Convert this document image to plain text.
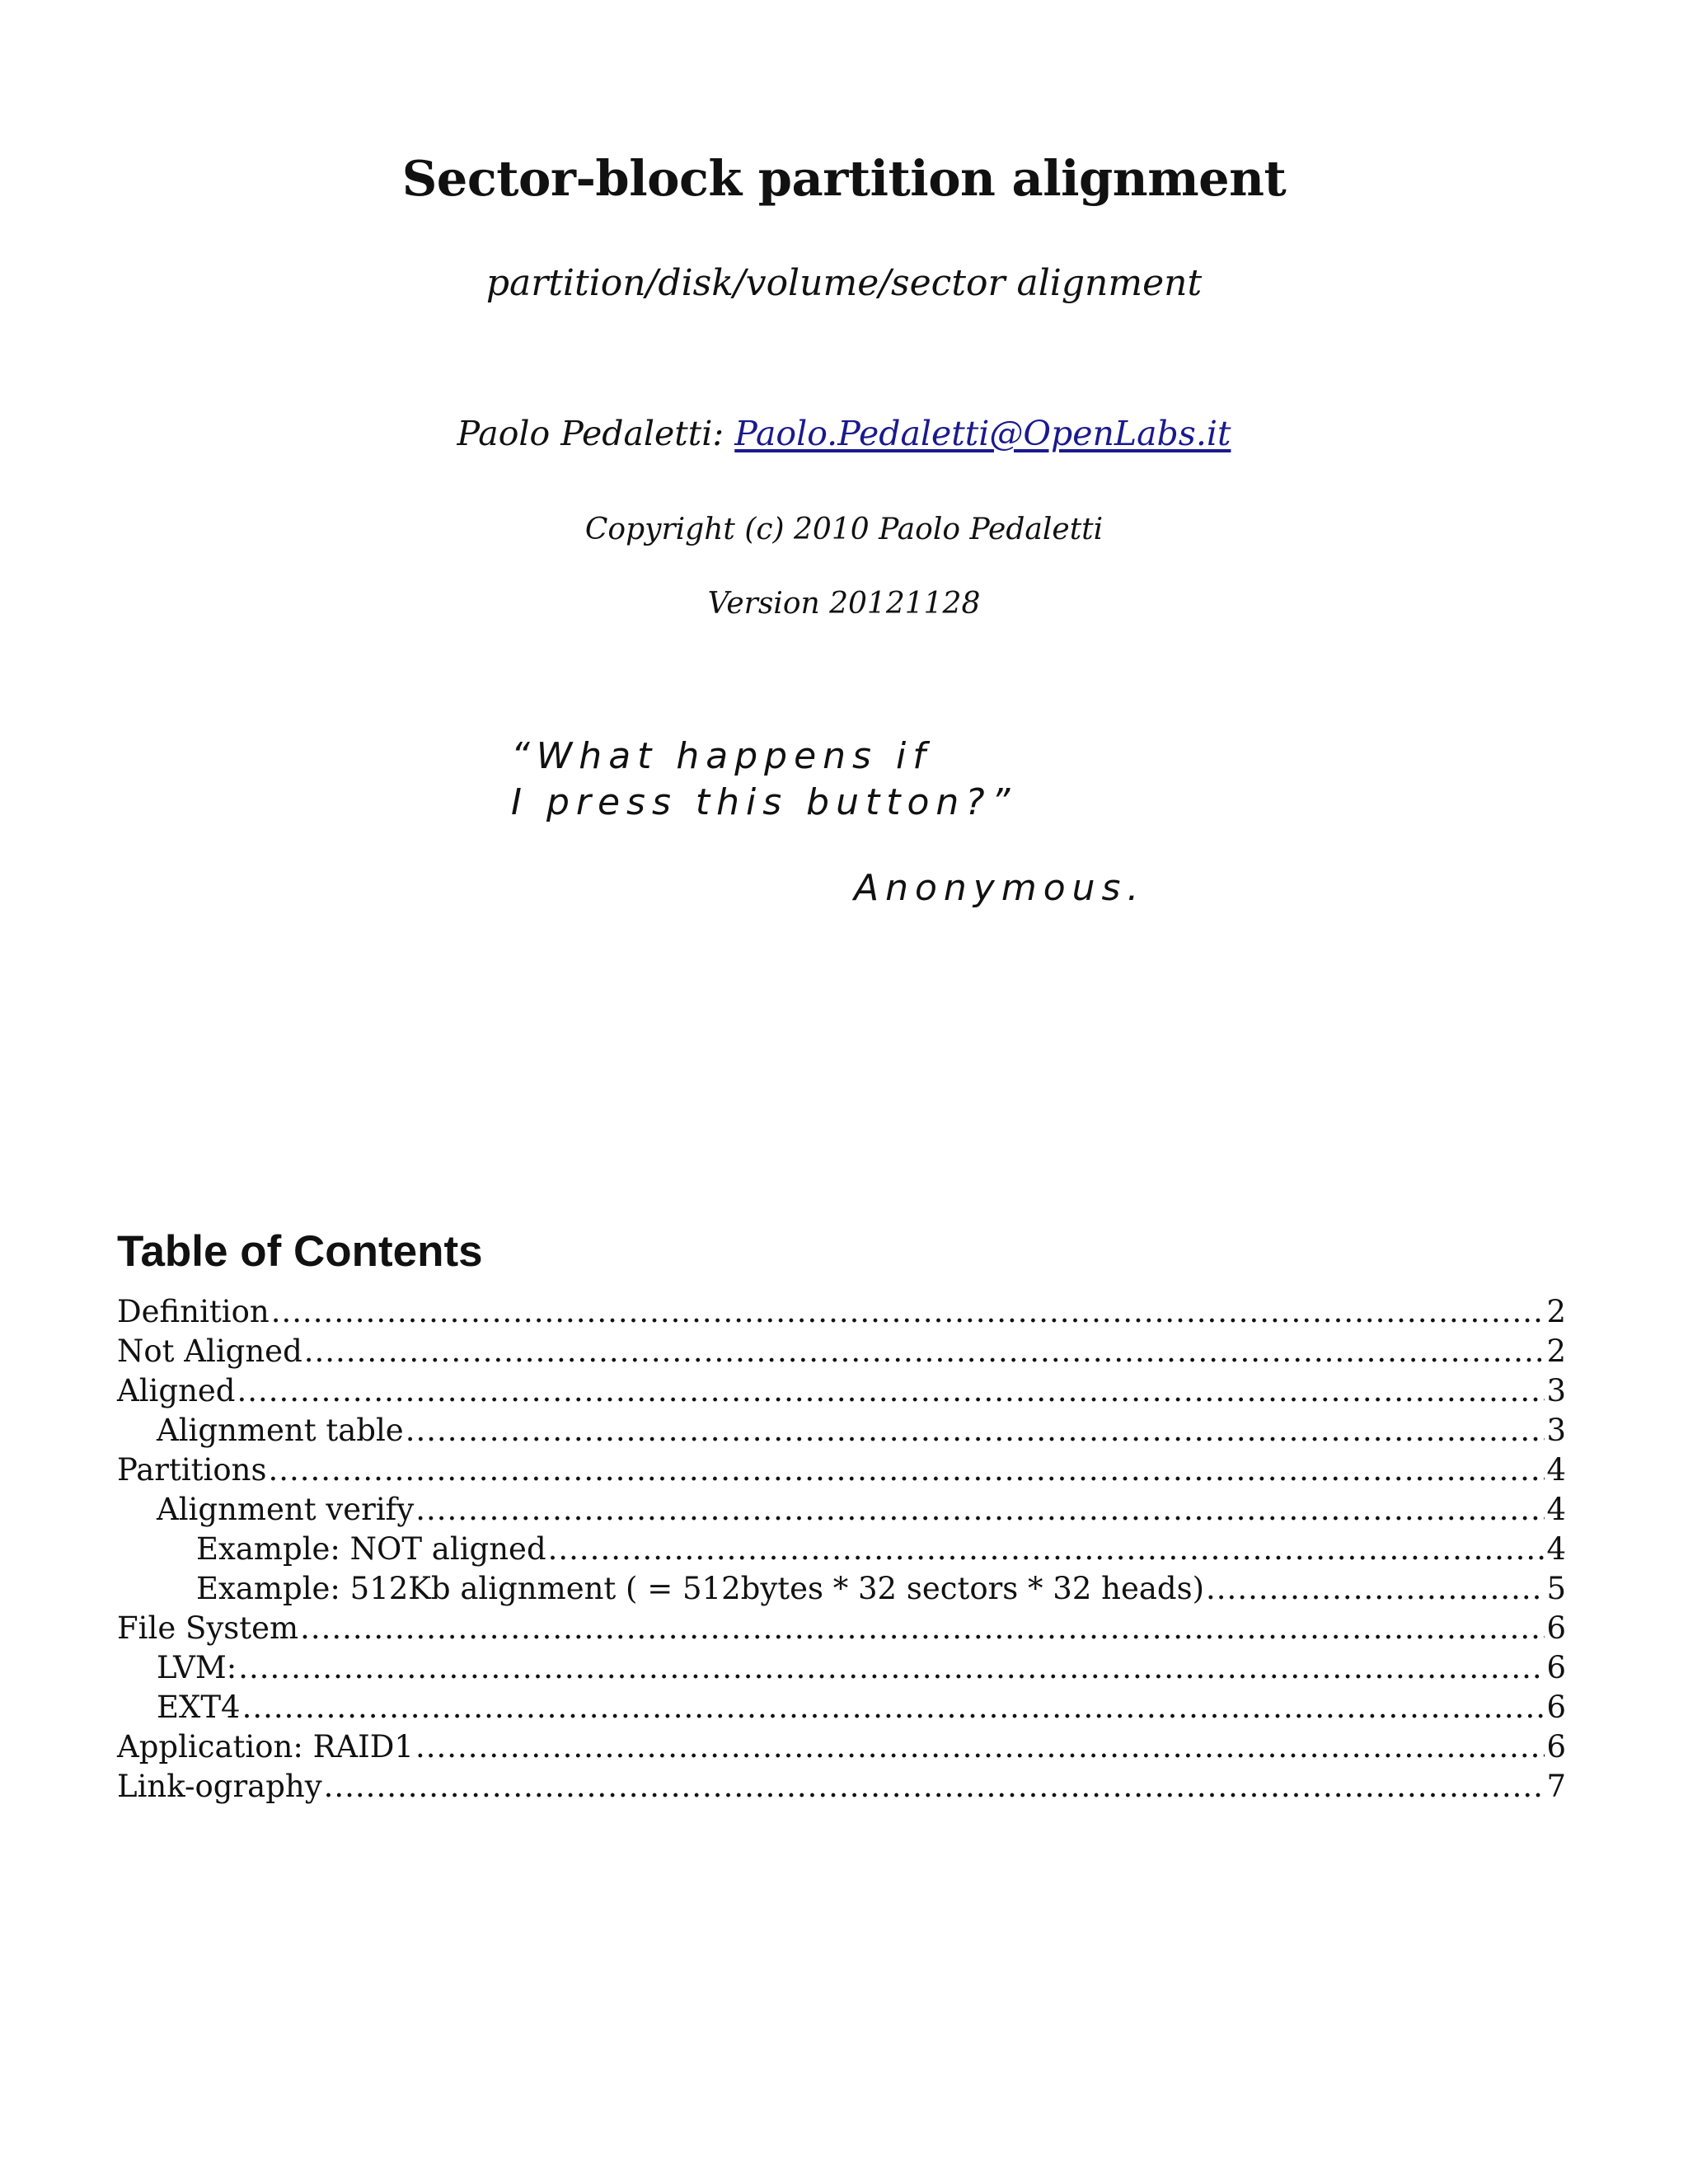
Sector-block partition alignment
partition/disk/volume/sector alignment
Paolo Pedaletti: Paolo.Pedaletti@OpenLabs.it
Copyright (c) 2010 Paolo Pedaletti
Version 20121128
“What happens if
I press this button?”
Anonymous.
Table of Contents
Definition .....	2
Not Aligned .....	2
Aligned .....	3
Alignment table .....	3
Partitions .....	4
Alignment verify .....	4
Example: NOT aligned .....	4
Example: 512Kb alignment ( = 512bytes * 32 sectors * 32 heads) .....	5
File System .....	6
LVM: .....	6
EXT4 .....	6
Application: RAID1 .....	6
Link-ography .....	7
